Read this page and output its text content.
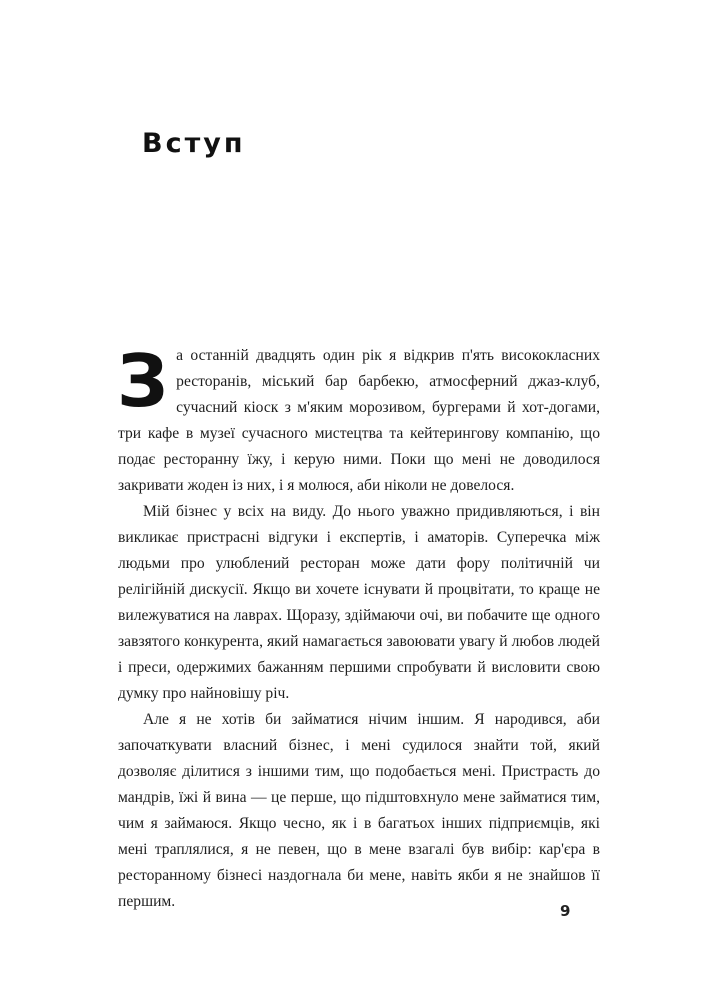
Вступ

За останній двадцять один рік я відкрив п'ять висококласних ресторанів, міський бар барбекю, атмосферний джаз-клуб, сучасний кіоск з м'яким морозивом, бургерами й хот-догами, три кафе в музеї сучасного мистецтва та кейтерингову компанію, що подає ресторанну їжу, і керую ними. Поки що мені не доводилося закривати жоден із них, і я молюся, аби ніколи не довелося.

Мій бізнес у всіх на виду. До нього уважно придивляються, і він викликає пристрасні відгуки і експертів, і аматорів. Суперечка між людьми про улюблений ресторан може дати фору політичній чи релігійній дискусії. Якщо ви хочете існувати й процвітати, то краще не вилежуватися на лаврах. Щоразу, здіймаючи очі, ви побачите ще одного завзятого конкурента, який намагається завоювати увагу й любов людей і преси, одержимих бажанням першими спробувати й висловити свою думку про найновішу річ.

Але я не хотів би займатися нічим іншим. Я народився, аби започаткувати власний бізнес, і мені судилося знайти той, який дозволяє ділитися з іншими тим, що подобається мені. Пристрасть до мандрів, їжі й вина — це перше, що підштовхнуло мене займатися тим, чим я займаюся. Якщо чесно, як і в багатьох інших підприємців, які мені траплялися, я не певен, що в мене взагалі був вибір: кар'єра в ресторанному бізнесі наздогнала би мене, навіть якби я не знайшов її першим.

9
